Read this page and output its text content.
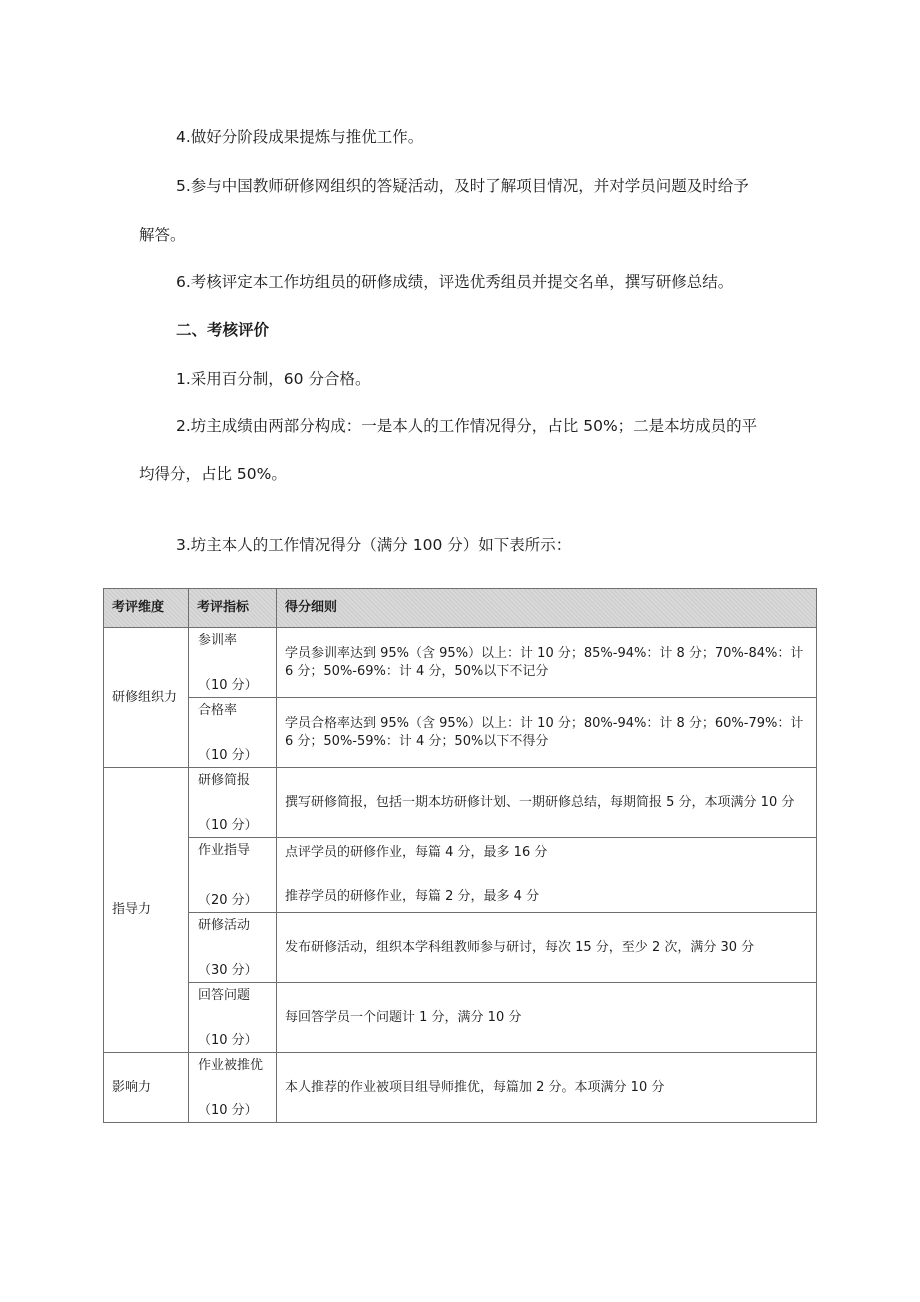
4.做好分阶段成果提炼与推优工作。
5.参与中国教师研修网组织的答疑活动，及时了解项目情况，并对学员问题及时给予
解答。
6.考核评定本工作坊组员的研修成绩，评选优秀组员并提交名单，撰写研修总结。
二、考核评价
1.采用百分制，60 分合格。
2.坊主成绩由两部分构成：一是本人的工作情况得分，占比 50%；二是本坊成员的平
均得分，占比 50%。
3.坊主本人的工作情况得分（满分 100 分）如下表所示：
考评维度	考评指标	得分细则
研修组织力	参训率
（10 分）	学员参训率达到 95%（含 95%）以上：计 10 分；85%-94%：计 8 分；70%-84%：计 6 分；50%-69%：计 4 分，50%以下不记分

	合格率
（10 分）	学员合格率达到 95%（含 95%）以上：计 10 分；80%-94%：计 8 分；60%-79%：计 6 分；50%-59%：计 4 分；50%以下不得分

指导力	研修简报
（10 分）	撰写研修简报，包括一期本坊研修计划、一期研修总结，每期简报 5 分，本项满分 10 分

	作业指导
（20 分）	点评学员的研修作业，每篇 4 分，最多 16 分
推荐学员的研修作业，每篇 2 分，最多 4 分

	研修活动
（30 分）	发布研修活动，组织本学科组教师参与研讨，每次 15 分，至少 2 次，满分 30 分

	回答问题
（10 分）	每回答学员一个问题计 1 分，满分 10 分

影响力	作业被推优
（10 分）	本人推荐的作业被项目组导师推优，每篇加 2 分。本项满分 10 分
